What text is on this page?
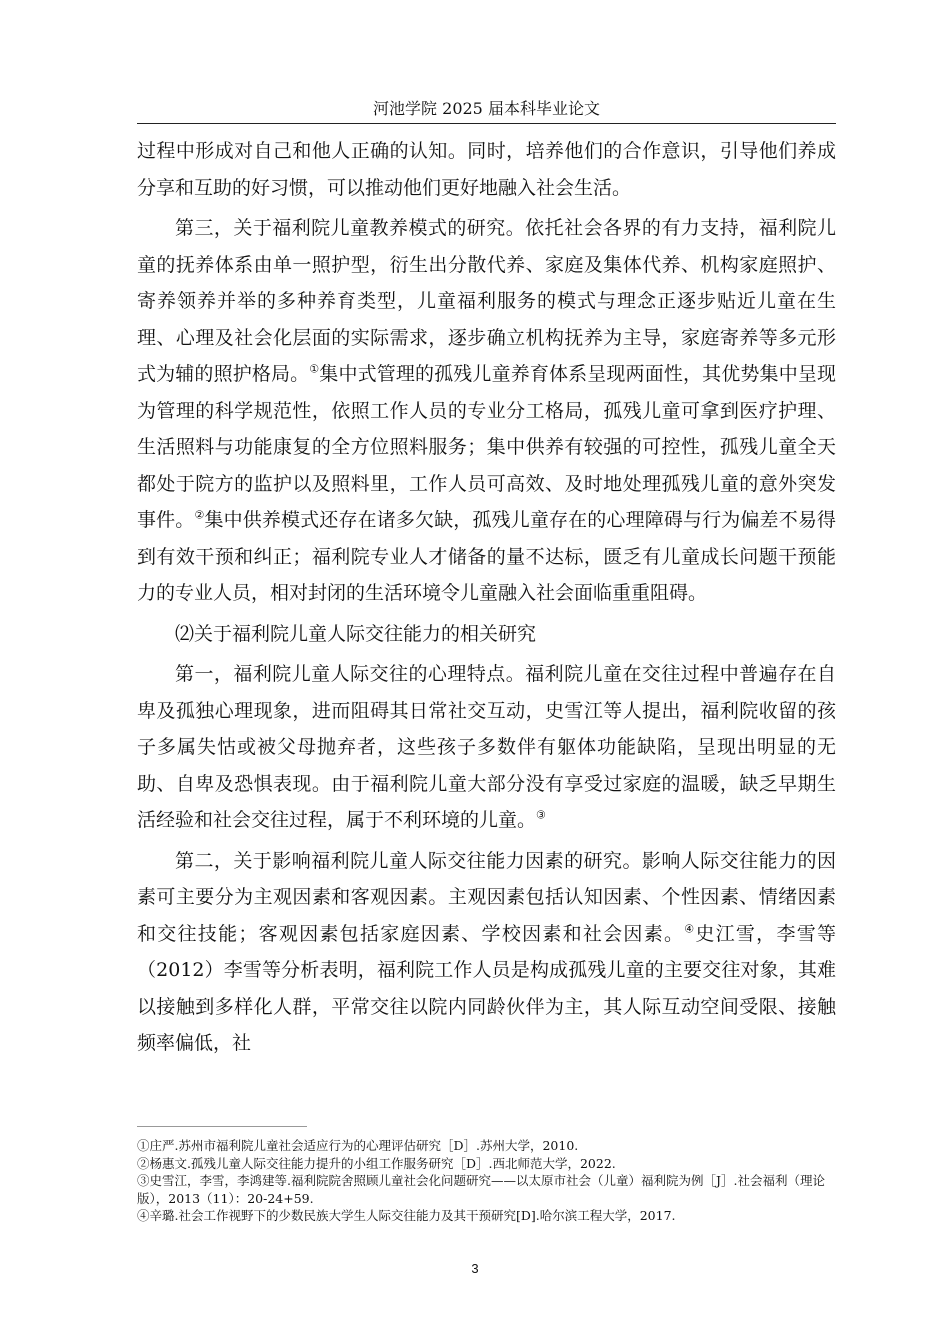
河池学院 2025 届本科毕业论文

过程中形成对自己和他人正确的认知。同时，培养他们的合作意识，引导他们养成分享和互助的好习惯，可以推动他们更好地融入社会生活。

第三，关于福利院儿童教养模式的研究。依托社会各界的有力支持，福利院儿童的抚养体系由单一照护型，衍生出分散代养、家庭及集体代养、机构家庭照护、寄养领养并举的多种养育类型，儿童福利服务的模式与理念正逐步贴近儿童在生理、心理及社会化层面的实际需求，逐步确立机构抚养为主导，家庭寄养等多元形式为辅的照护格局。①集中式管理的孤残儿童养育体系呈现两面性，其优势集中呈现为管理的科学规范性，依照工作人员的专业分工格局，孤残儿童可拿到医疗护理、生活照料与功能康复的全方位照料服务；集中供养有较强的可控性，孤残儿童全天都处于院方的监护以及照料里，工作人员可高效、及时地处理孤残儿童的意外突发事件。②集中供养模式还存在诸多欠缺，孤残儿童存在的心理障碍与行为偏差不易得到有效干预和纠正；福利院专业人才储备的量不达标，匮乏有儿童成长问题干预能力的专业人员，相对封闭的生活环境令儿童融入社会面临重重阻碍。

⑵关于福利院儿童人际交往能力的相关研究

第一，福利院儿童人际交往的心理特点。福利院儿童在交往过程中普遍存在自卑及孤独心理现象，进而阻碍其日常社交互动，史雪江等人提出，福利院收留的孩子多属失怙或被父母抛弃者，这些孩子多数伴有躯体功能缺陷，呈现出明显的无助、自卑及恐惧表现。由于福利院儿童大部分没有享受过家庭的温暖，缺乏早期生活经验和社会交往过程，属于不利环境的儿童。③

第二，关于影响福利院儿童人际交往能力因素的研究。影响人际交往能力的因素可主要分为主观因素和客观因素。主观因素包括认知因素、个性因素、情绪因素和交往技能；客观因素包括家庭因素、学校因素和社会因素。④史江雪，李雪等（2012）李雪等分析表明，福利院工作人员是构成孤残儿童的主要交往对象，其难以接触到多样化人群，平常交往以院内同龄伙伴为主，其人际互动空间受限、接触频率偏低，社

①庄严.苏州市福利院儿童社会适应行为的心理评估研究［D］.苏州大学，2010.

②杨惠文.孤残儿童人际交往能力提升的小组工作服务研究［D］.西北师范大学，2022.

③史雪江，李雪，李鸿建等.福利院院舍照顾儿童社会化问题研究——以太原市社会（儿童）福利院为例［J］.社会福利（理论版），2013（11）：20-24+59.

④辛璐.社会工作视野下的少数民族大学生人际交往能力及其干预研究[D].哈尔滨工程大学，2017.

3
